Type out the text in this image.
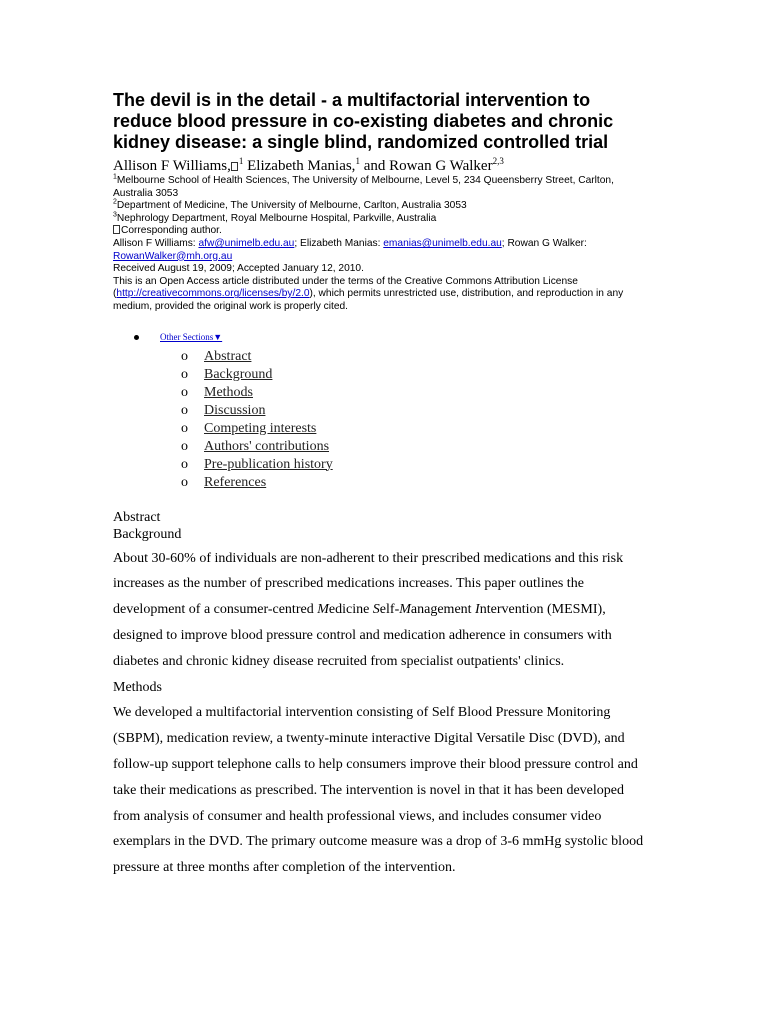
The devil is in the detail - a multifactorial intervention to reduce blood pressure in co-existing diabetes and chronic kidney disease: a single blind, randomized controlled trial

Allison F Williams, $^1$ Elizabeth Manias,$^1$ and Rowan G Walker$^{2,3}$

$^1$Melbourne School of Health Sciences, The University of Melbourne, Level 5, 234 Queensberry Street, Carlton, Australia 3053

$^2$Department of Medicine, The University of Melbourne, Carlton, Australia 3053

$^3$Nephrology Department, Royal Melbourne Hospital, Parkville, Australia

Corresponding author.

Allison F Williams: afw@unimelb.edu.au; Elizabeth Manias: emanias@unimelb.edu.au; Rowan G Walker: RowanWalker@mh.org.au

Received August 19, 2009; Accepted January 12, 2010.

This is an Open Access article distributed under the terms of the Creative Commons Attribution License (http://creativecommons.org/licenses/by/2.0), which permits unrestricted use, distribution, and reproduction in any medium, provided the original work is properly cited.

Other Sections▼
o Abstract
o Background
o Methods
o Discussion
o Competing interests
o Authors' contributions
o Pre-publication history
o References
Abstract
Background

About 30-60% of individuals are non-adherent to their prescribed medications and this risk increases as the number of prescribed medications increases. This paper outlines the development of a consumer-centred Medicine Self-Management Intervention (MESMI), designed to improve blood pressure control and medication adherence in consumers with diabetes and chronic kidney disease recruited from specialist outpatients' clinics.

Methods

We developed a multifactorial intervention consisting of Self Blood Pressure Monitoring (SBPM), medication review, a twenty-minute interactive Digital Versatile Disc (DVD), and follow-up support telephone calls to help consumers improve their blood pressure control and take their medications as prescribed. The intervention is novel in that it has been developed from analysis of consumer and health professional views, and includes consumer video exemplars in the DVD. The primary outcome measure was a drop of 3-6 mmHg systolic blood pressure at three months after completion of the intervention.
